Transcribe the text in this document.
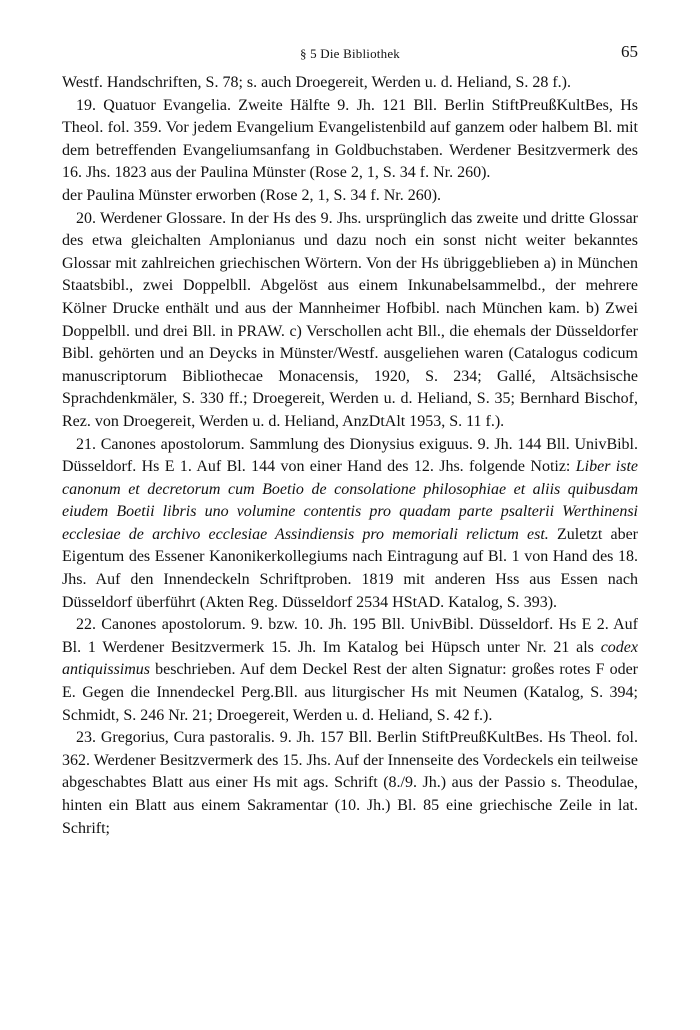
§ 5 Die Bibliothek	65

Westf. Handschriften, S. 78; s. auch Droegereit, Werden u. d. Heliand, S. 28 f.).

19. Quatuor Evangelia. Zweite Hälfte 9. Jh. 121 Bll. Berlin StiftPreußKultBes, Hs Theol. fol. 359. Vor jedem Evangelium Evangelistenbild auf ganzem oder halbem Bl. mit dem betreffenden Evangeliumsanfang in Goldbuchstaben. Werdener Besitzvermerk des 16. Jhs. 1823 aus der Paulina Münster (Rose 2, 1, S. 34 f. Nr. 260).

der Paulina Münster erworben (Rose 2, 1, S. 34 f. Nr. 260).

20. Werdener Glossare. In der Hs des 9. Jhs. ursprünglich das zweite und dritte Glossar des etwa gleichalten Amplonianus und dazu noch ein sonst nicht weiter bekanntes Glossar mit zahlreichen griechischen Wörtern. Von der Hs übriggeblieben a) in München Staatsbibl., zwei Doppelbll. Abgelöst aus einem Inkunabelsammelbd., der mehrere Kölner Drucke enthält und aus der Mannheimer Hofbibl. nach München kam. b) Zwei Doppelbll. und drei Bll. in PRAW. c) Verschollen acht Bll., die ehemals der Düsseldorfer Bibl. gehörten und an Deycks in Münster/Westf. ausgeliehen waren (Catalogus codicum manuscriptorum Bibliothecae Monacensis, 1920, S. 234; Gallé, Altsächsische Sprachdenkmäler, S. 330 ff.; Droegereit, Werden u. d. Heliand, S. 35; Bernhard Bischof, Rez. von Droegereit, Werden u. d. Heliand, AnzDtAlt 1953, S. 11 f.).

21. Canones apostolorum. Sammlung des Dionysius exiguus. 9. Jh. 144 Bll. UnivBibl. Düsseldorf. Hs E 1. Auf Bl. 144 von einer Hand des 12. Jhs. folgende Notiz: Liber iste canonum et decretorum cum Boetio de consolatione philosophiae et aliis quibusdam eiudem Boetii libris uno volumine contentis pro quadam parte psalterii Werthinensi ecclesiae de archivo ecclesiae Assindiensis pro memoriali relictum est. Zuletzt aber Eigentum des Essener Kanonikerkollegiums nach Eintragung auf Bl. 1 von Hand des 18. Jhs. Auf den Innendeckeln Schriftproben. 1819 mit anderen Hss aus Essen nach Düsseldorf überführt (Akten Reg. Düsseldorf 2534 HStAD. Katalog, S. 393).

22. Canones apostolorum. 9. bzw. 10. Jh. 195 Bll. UnivBibl. Düsseldorf. Hs E 2. Auf Bl. 1 Werdener Besitzvermerk 15. Jh. Im Katalog bei Hüpsch unter Nr. 21 als codex antiquissimus beschrieben. Auf dem Deckel Rest der alten Signatur: großes rotes F oder E. Gegen die Innendeckel Perg.Bll. aus liturgischer Hs mit Neumen (Katalog, S. 394; Schmidt, S. 246 Nr. 21; Droegereit, Werden u. d. Heliand, S. 42 f.).

23. Gregorius, Cura pastoralis. 9. Jh. 157 Bll. Berlin StiftPreußKultBes. Hs Theol. fol. 362. Werdener Besitzvermerk des 15. Jhs. Auf der Innenseite des Vordeckels ein teilweise abgeschabtes Blatt aus einer Hs mit ags. Schrift (8./9. Jh.) aus der Passio s. Theodulae, hinten ein Blatt aus einem Sakramentar (10. Jh.) Bl. 85 eine griechische Zeile in lat. Schrift;
